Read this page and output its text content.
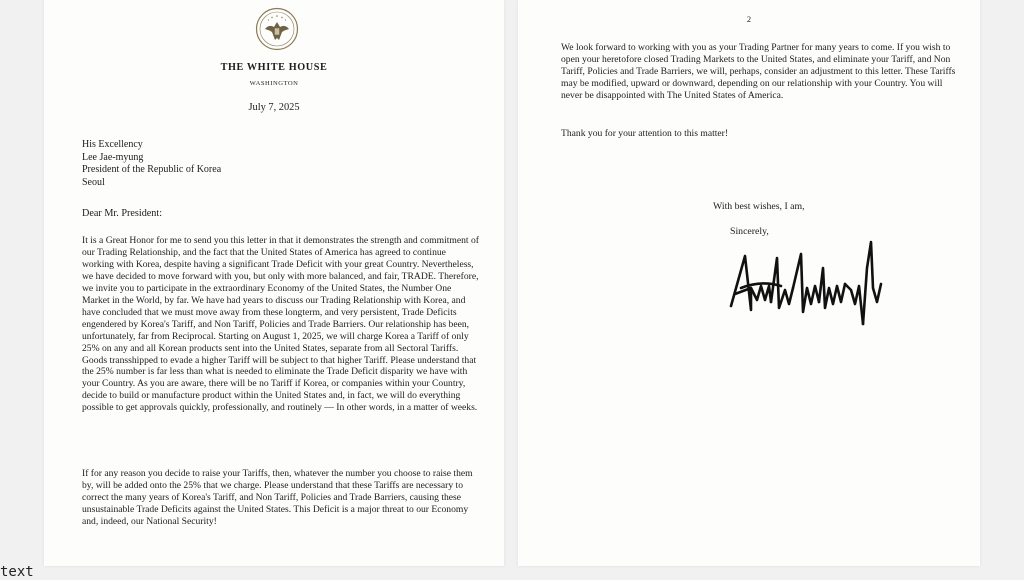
THE WHITE HOUSE
WASHINGTON
July 7, 2025
His Excellency
Lee Jae-myung
President of the Republic of Korea
Seoul
Dear Mr. President:

It is a Great Honor for me to send you this letter in that it demonstrates the strength and commitment of our Trading Relationship, and the fact that the United States of America has agreed to continue working with Korea, despite having a significant Trade Deficit with your great Country. Nevertheless, we have decided to move forward with you, but only with more balanced, and fair, TRADE. Therefore, we invite you to participate in the extraordinary Economy of the United States, the Number One Market in the World, by far. We have had years to discuss our Trading Relationship with Korea, and have concluded that we must move away from these longterm, and very persistent, Trade Deficits engendered by Korea's Tariff, and Non Tariff, Policies and Trade Barriers. Our relationship has been, unfortunately, far from Reciprocal. Starting on August 1, 2025, we will charge Korea a Tariff of only 25% on any and all Korean products sent into the United States, separate from all Sectoral Tariffs. Goods transshipped to evade a higher Tariff will be subject to that higher Tariff. Please understand that the 25% number is far less than what is needed to eliminate the Trade Deficit disparity we have with your Country. As you are aware, there will be no Tariff if Korea, or companies within your Country, decide to build or manufacture product within the United States and, in fact, we will do everything possible to get approvals quickly, professionally, and routinely — In other words, in a matter of weeks.

If for any reason you decide to raise your Tariffs, then, whatever the number you choose to raise them by, will be added onto the 25% that we charge. Please understand that these Tariffs are necessary to correct the many years of Korea's Tariff, and Non Tariff, Policies and Trade Barriers, causing these unsustainable Trade Deficits against the United States. This Deficit is a major threat to our Economy and, indeed, our National Security!

2

We look forward to working with you as your Trading Partner for many years to come. If you wish to open your heretofore closed Trading Markets to the United States, and eliminate your Tariff, and Non Tariff, Policies and Trade Barriers, we will, perhaps, consider an adjustment to this letter. These Tariffs may be modified, upward or downward, depending on our relationship with your Country. You will never be disappointed with The United States of America.

Thank you for your attention to this matter!

With best wishes, I am,
Sincerely,
text
